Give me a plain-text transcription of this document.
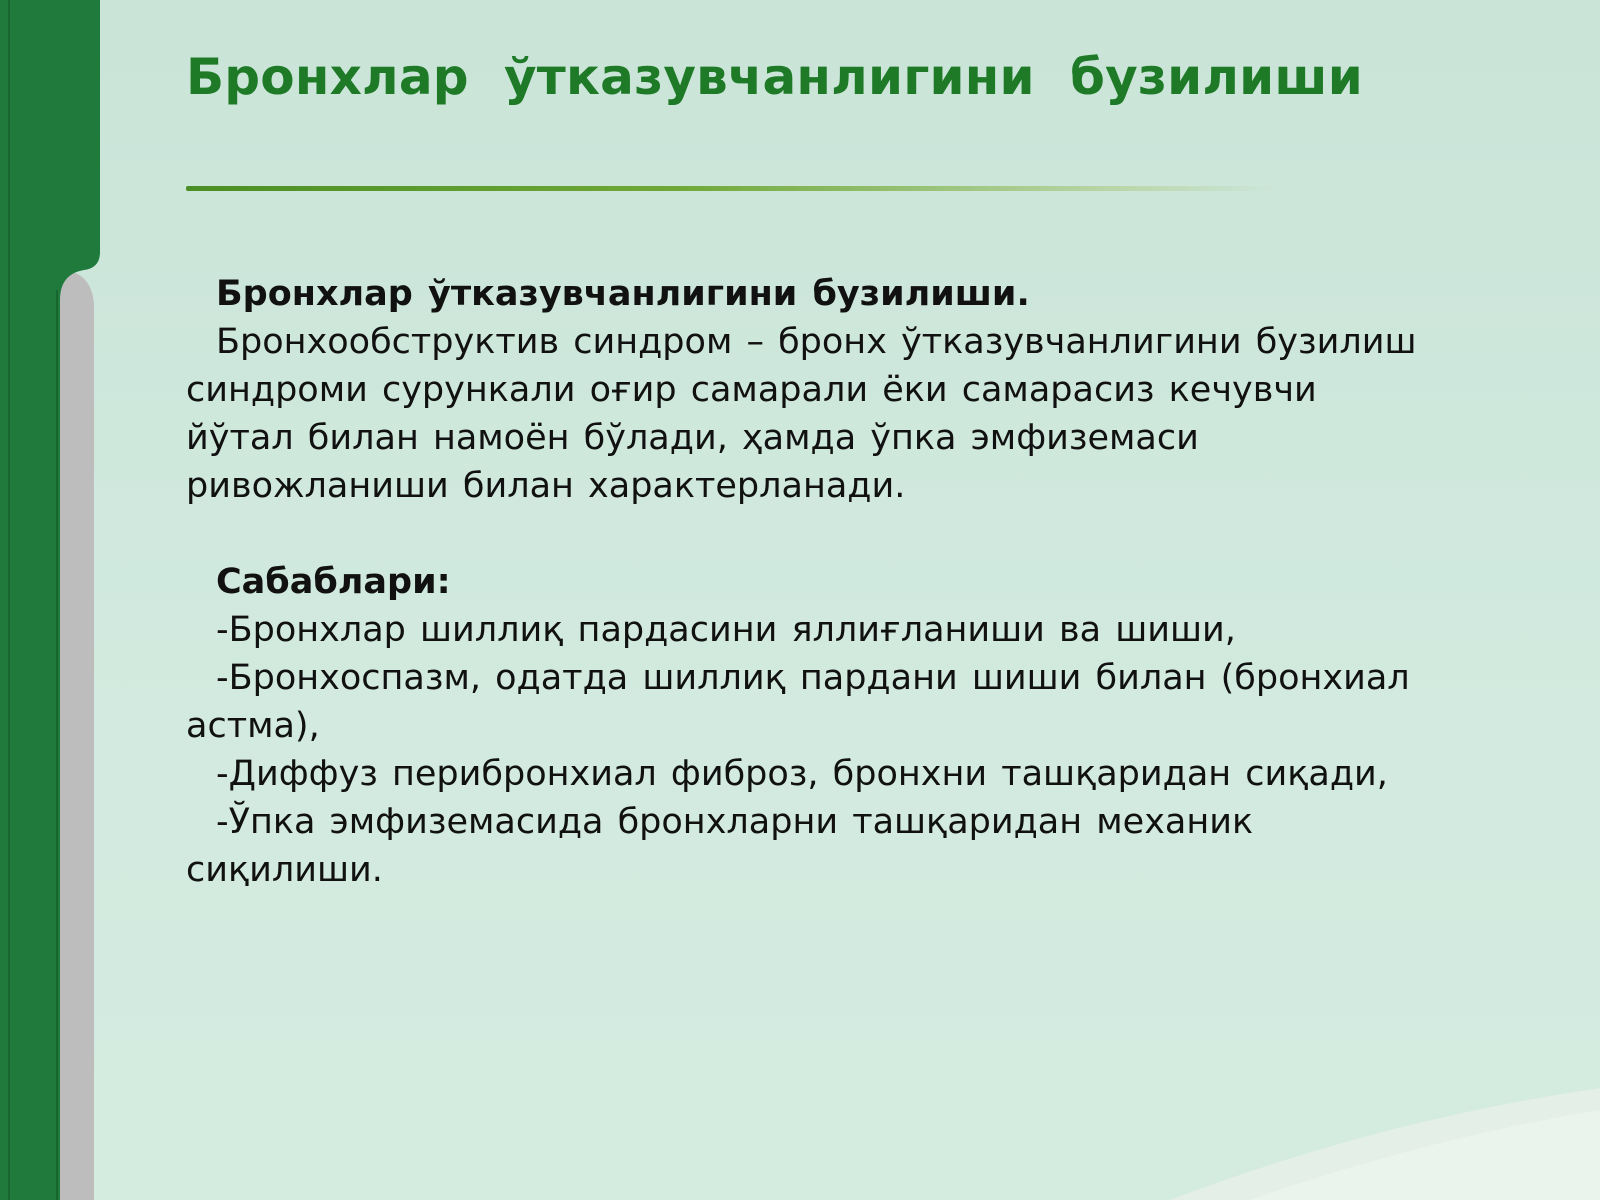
Бронхлар  ўтказувчанлигини  бузилиши

Бронхлар ўтказувчанлигини бузилиши.

Бронхообструктив синдром – бронх ўтказувчанлигини бузилиш синдроми сурункали оғир самарали ёки самарасиз кечувчи йўтал билан намоён бўлади, ҳамда ўпка эмфиземаси ривожланиши билан характерланади.

Сабаблари:

-Бронхлар шиллиқ пардасини яллиғланиши ва шиши,

-Бронхоспазм, одатда шиллиқ пардани шиши билан (бронхиал астма),

-Диффуз перибронхиал фиброз, бронхни ташқаридан сиқади,

-Ўпка эмфиземасида бронхларни ташқаридан механик сиқилиши.
